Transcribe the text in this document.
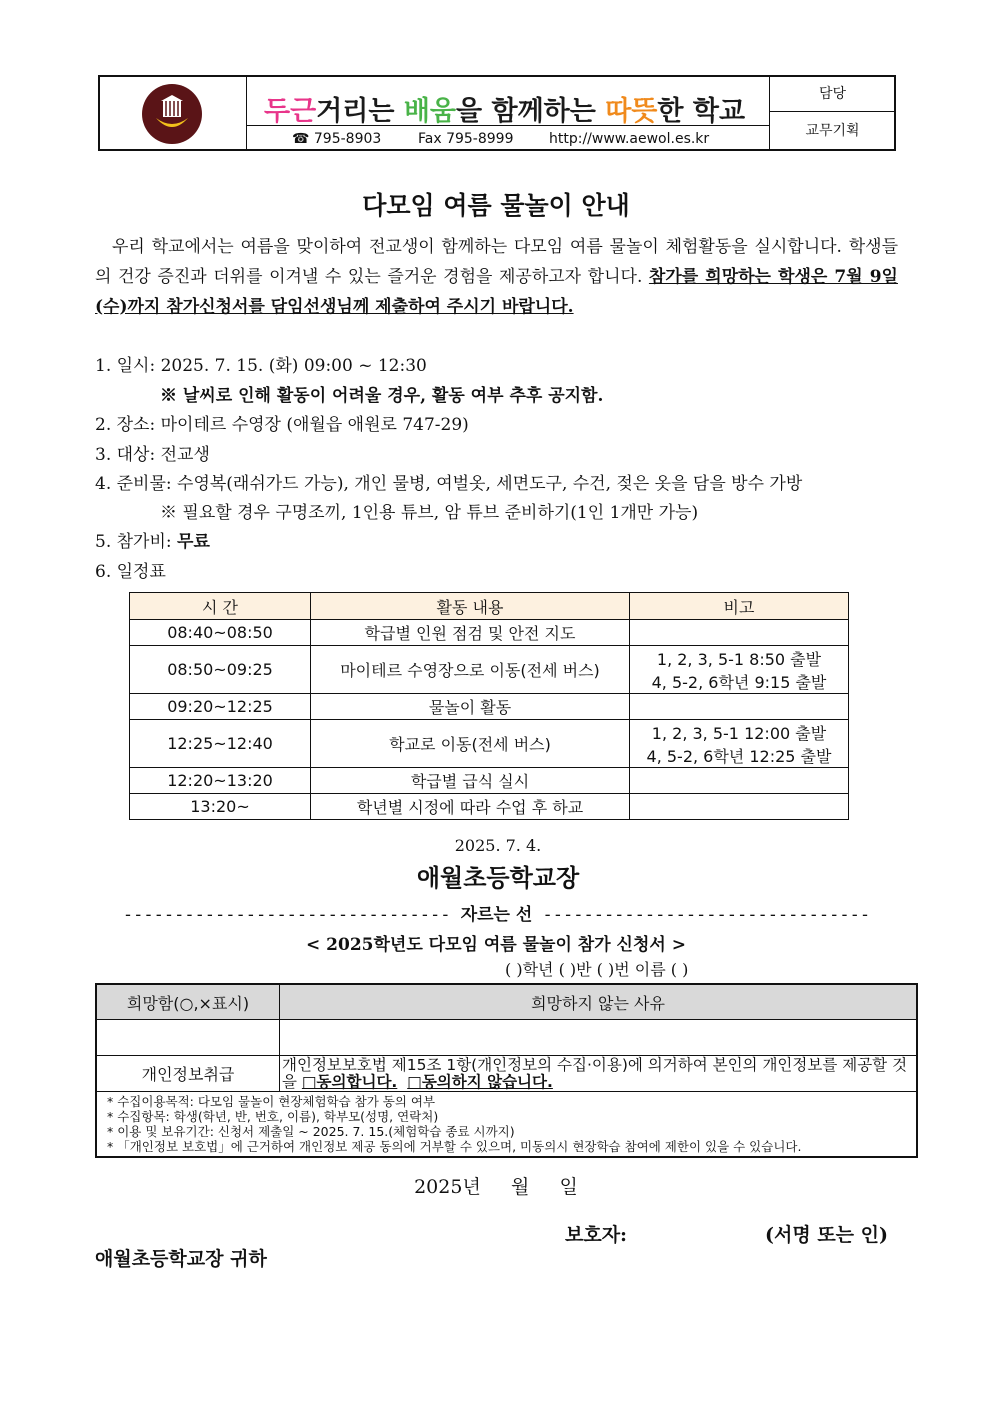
두근거리는 배움을 함께하는 따뜻한 학교
☎ 795-8903	Fax 795-8999	http://www.aewol.es.kr
담당
교무기획
다모임 여름 물놀이 안내
우리 학교에서는 여름을 맞이하여 전교생이 함께하는 다모임 여름 물놀이 체험활동을 실시합니다. 학생들의 건강 증진과 더위를 이겨낼 수 있는 즐거운 경험을 제공하고자 합니다. 참가를 희망하는 학생은 7월 9일(수)까지 참가신청서를 담임선생님께 제출하여 주시기 바랍니다.
1. 일시: 2025. 7. 15. (화) 09:00 ~ 12:30
※ 날씨로 인해 활동이 어려울 경우, 활동 여부 추후 공지함.
2. 장소: 마이테르 수영장 (애월읍 애원로 747-29)
3. 대상: 전교생
4. 준비물: 수영복(래쉬가드 가능), 개인 물병, 여벌옷, 세면도구, 수건, 젖은 옷을 담을 방수 가방
※ 필요할 경우 구명조끼, 1인용 튜브, 암 튜브 준비하기(1인 1개만 가능)
5. 참가비: 무료
6. 일정표
시 간	활동 내용	비고
08:40~08:50	학급별 인원 점검 및 안전 지도	
08:50~09:25	마이테르 수영장으로 이동(전세 버스)	1, 2, 3, 5-1 8:50 출발
4, 5-2, 6학년 9:15 출발

09:20~12:25	물놀이 활동	
12:25~12:40	학교로 이동(전세 버스)	1, 2, 3, 5-1 12:00 출발
4, 5-2, 6학년 12:25 출발

12:20~13:20	학급별 급식 실시	
13:20~	학년별 시정에 따라 수업 후 하교	
2025. 7. 4.
애월초등학교장
-------------------------------- 자르는 선 --------------------------------
< 2025학년도 다모임 여름 물놀이 참가 신청서 >
( )학년 ( )반 ( )번 이름 ( )
희망함(○,×표시)	희망하지 않는 사유

개인정보취급	개인정보보호법 제15조 1항(개인정보의 수집·이용)에 의거하여 본인의 개인정보를 제공할 것을 □동의합니다. □동의하지 않습니다.

* 수집이용목적: 다모임 물놀이 현장체험학습 참가 동의 여부
* 수집항목: 학생(학년, 반, 번호, 이름), 학부모(성명, 연락처)
* 이용 및 보유기간: 신청서 제출일 ~ 2025. 7. 15.(체험학습 종료 시까지)
* 「개인정보 보호법」에 근거하여 개인정보 제공 동의에 거부할 수 있으며, 미동의시 현장학습 참여에 제한이 있을 수 있습니다.	
2025년     월     일
보호자:	(서명 또는 인)
애월초등학교장 귀하
